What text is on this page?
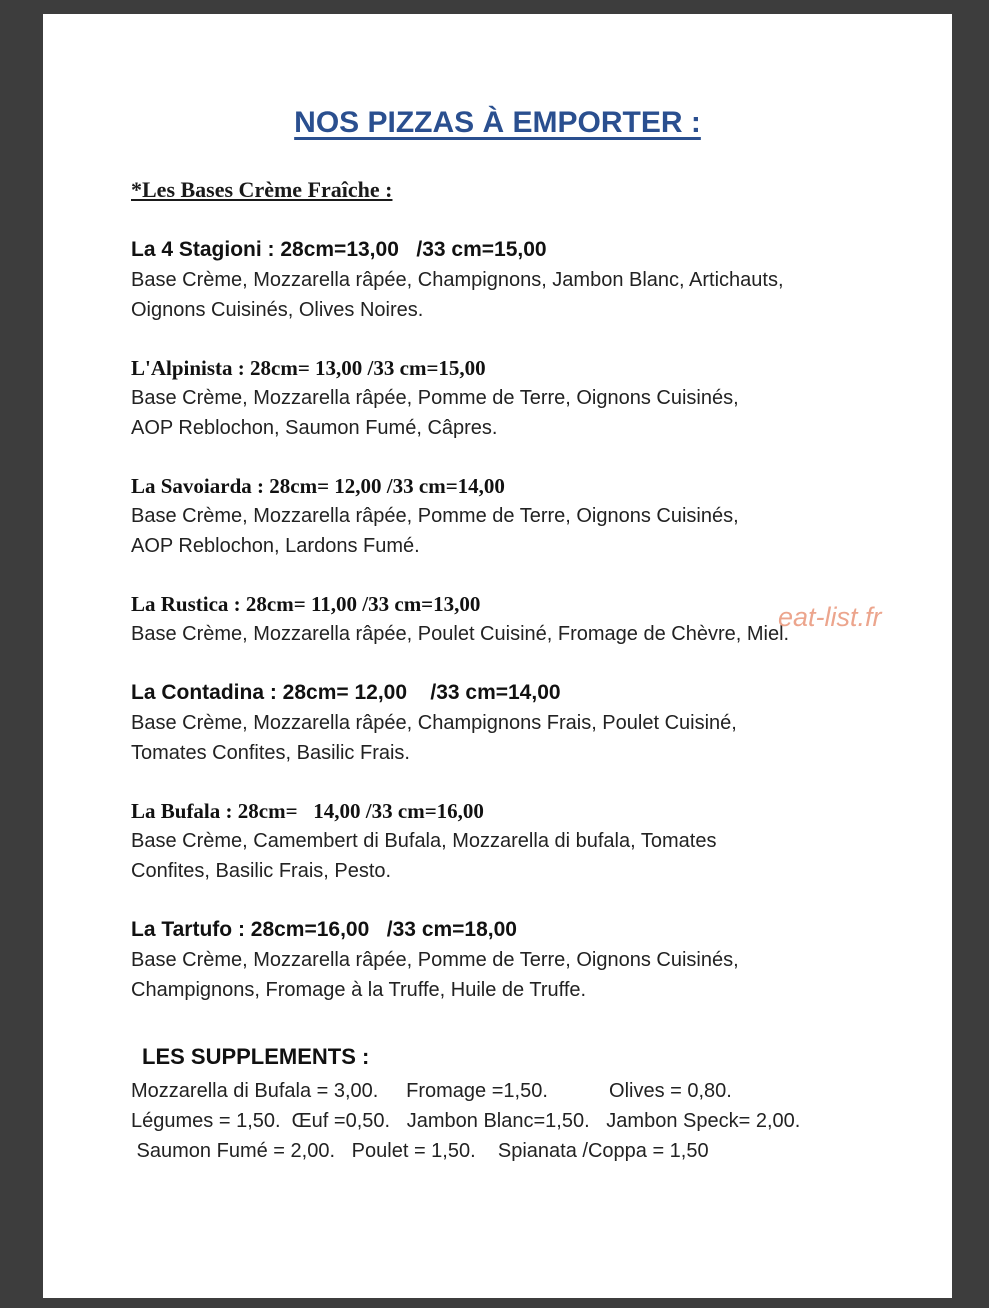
NOS PIZZAS À EMPORTER :
*Les Bases Crème Fraîche :
La 4 Stagioni : 28cm=13,00   /33 cm=15,00
Base Crème, Mozzarella râpée, Champignons, Jambon Blanc, Artichauts,
Oignons Cuisinés, Olives Noires.
L'Alpinista : 28cm= 13,00 /33 cm=15,00
Base Crème, Mozzarella râpée, Pomme de Terre, Oignons Cuisinés,
AOP Reblochon, Saumon Fumé, Câpres.
La Savoiarda : 28cm= 12,00 /33 cm=14,00
Base Crème, Mozzarella râpée, Pomme de Terre, Oignons Cuisinés,
AOP Reblochon, Lardons Fumé.
La Rustica : 28cm= 11,00 /33 cm=13,00
Base Crème, Mozzarella râpée, Poulet Cuisiné, Fromage de Chèvre, Miel.
La Contadina : 28cm= 12,00    /33 cm=14,00
Base Crème, Mozzarella râpée, Champignons Frais, Poulet Cuisiné,
Tomates Confites, Basilic Frais.
La Bufala : 28cm=   14,00 /33 cm=16,00
Base Crème, Camembert di Bufala, Mozzarella di bufala, Tomates
Confites, Basilic Frais, Pesto.
La Tartufo : 28cm=16,00   /33 cm=18,00
Base Crème, Mozzarella râpée, Pomme de Terre, Oignons Cuisinés,
Champignons, Fromage à la Truffe, Huile de Truffe.
LES SUPPLEMENTS :
Mozzarella di Bufala = 3,00.     Fromage =1,50.           Olives = 0,80.
Légumes = 1,50.  Œuf =0,50.   Jambon Blanc=1,50.   Jambon Speck= 2,00.
Saumon Fumé = 2,00.   Poulet = 1,50.    Spianata /Coppa = 1,50
eat-list.fr
